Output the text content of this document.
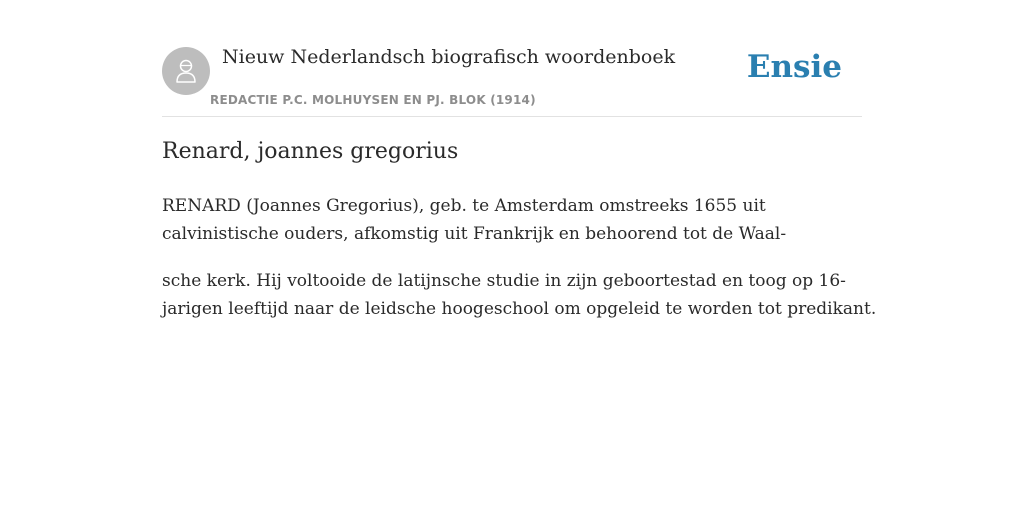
Nieuw Nederlandsch biografisch woordenboek
REDACTIE P.C. MOLHUYSEN EN PJ. BLOK (1914)
Ensie
Renard, joannes gregorius

RENARD (Joannes Gregorius), geb. te Amsterdam omstreeks 1655 uit
calvinistische ouders, afkomstig uit Frankrijk en behoorend tot de Waal-

sche kerk. Hij voltooide de latijnsche studie in zijn geboortestad en toog op 16-
jarigen leeftijd naar de leidsche hoogeschool om opgeleid te worden tot predikant.
